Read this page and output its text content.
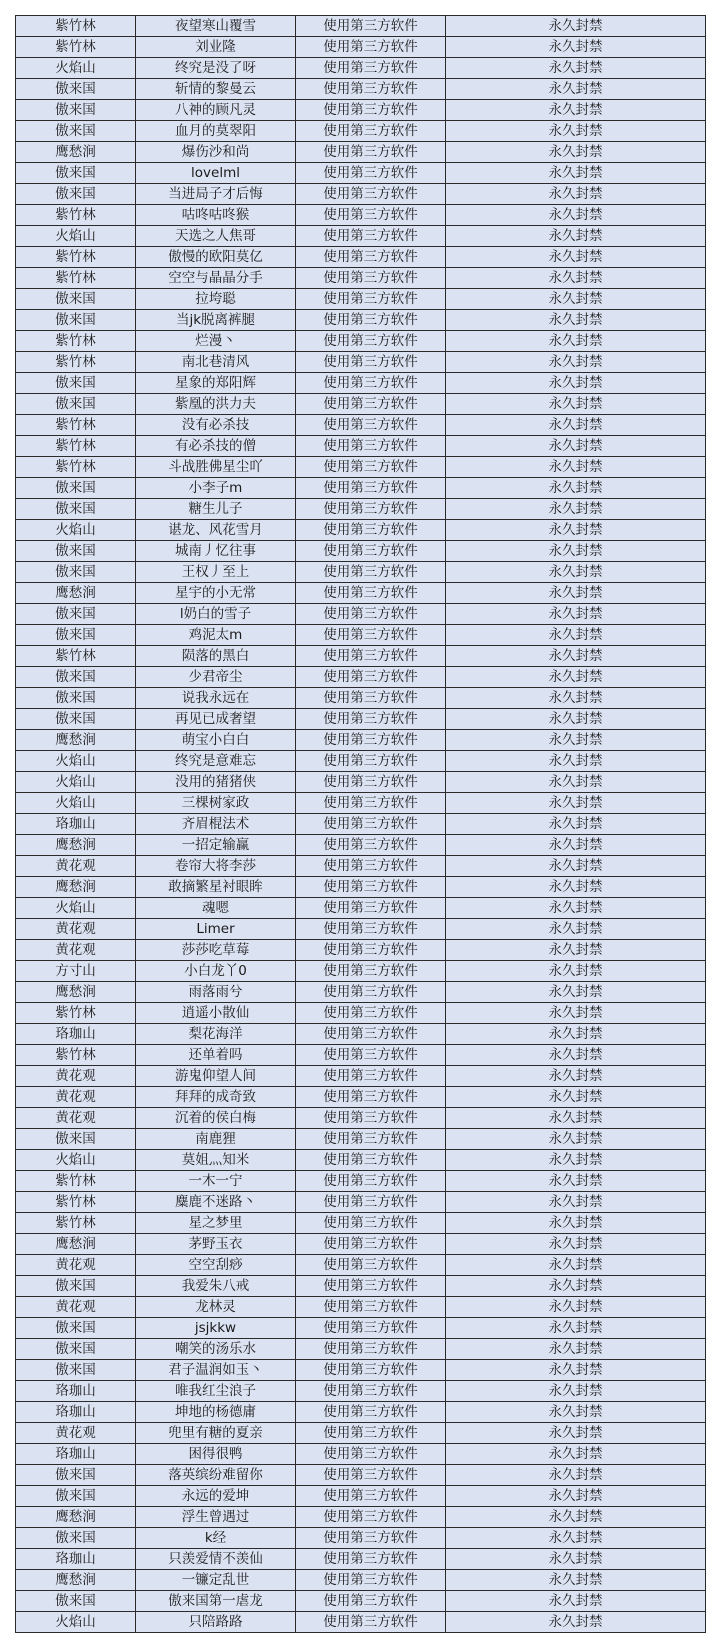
紫竹林	夜望寒山覆雪	使用第三方软件	永久封禁
紫竹林	刘业隆	使用第三方软件	永久封禁
火焰山	终究是没了呀	使用第三方软件	永久封禁
傲来国	斩情的黎曼云	使用第三方软件	永久封禁
傲来国	八神的顾凡灵	使用第三方软件	永久封禁
傲来国	血月的莫翠阳	使用第三方软件	永久封禁
鹰愁涧	爆伤沙和尚	使用第三方软件	永久封禁
傲来国	lovelml	使用第三方软件	永久封禁
傲来国	当进局子才后悔	使用第三方软件	永久封禁
紫竹林	咕咚咕咚猴	使用第三方软件	永久封禁
火焰山	天选之人焦哥	使用第三方软件	永久封禁
紫竹林	傲慢的欧阳莫亿	使用第三方软件	永久封禁
紫竹林	空空与晶晶分手	使用第三方软件	永久封禁
傲来国	拉垮聪	使用第三方软件	永久封禁
傲来国	当jk脱离裤腿	使用第三方软件	永久封禁
紫竹林	烂漫丶	使用第三方软件	永久封禁
紫竹林	南北巷清风	使用第三方软件	永久封禁
傲来国	星象的郑阳辉	使用第三方软件	永久封禁
傲来国	紫凰的洪力夫	使用第三方软件	永久封禁
紫竹林	没有必杀技	使用第三方软件	永久封禁
紫竹林	有必杀技的僧	使用第三方软件	永久封禁
紫竹林	斗战胜佛星尘吖	使用第三方软件	永久封禁
傲来国	小李子m	使用第三方软件	永久封禁
傲来国	糖生儿子	使用第三方软件	永久封禁
火焰山	谌龙、风花雪月	使用第三方软件	永久封禁
傲来国	城南丿忆往事	使用第三方软件	永久封禁
傲来国	王权丿至上	使用第三方软件	永久封禁
鹰愁涧	星宇的小无常	使用第三方软件	永久封禁
傲来国	l奶白的雪子	使用第三方软件	永久封禁
傲来国	鸡泥太m	使用第三方软件	永久封禁
紫竹林	陨落的黑白	使用第三方软件	永久封禁
傲来国	少君帝尘	使用第三方软件	永久封禁
傲来国	说我永远在	使用第三方软件	永久封禁
傲来国	再见已成奢望	使用第三方软件	永久封禁
鹰愁涧	萌宝小白白	使用第三方软件	永久封禁
火焰山	终究是意难忘	使用第三方软件	永久封禁
火焰山	没用的猪猪侠	使用第三方软件	永久封禁
火焰山	三棵树家政	使用第三方软件	永久封禁
珞珈山	齐眉棍法术	使用第三方软件	永久封禁
鹰愁涧	一招定输赢	使用第三方软件	永久封禁
黄花观	卷帘大将李莎	使用第三方软件	永久封禁
鹰愁涧	敢摘繁星衬眼眸	使用第三方软件	永久封禁
火焰山	魂嗯	使用第三方软件	永久封禁
黄花观	Limer	使用第三方软件	永久封禁
黄花观	莎莎吃草莓	使用第三方软件	永久封禁
方寸山	小白龙丫0	使用第三方软件	永久封禁
鹰愁涧	雨落雨兮	使用第三方软件	永久封禁
紫竹林	逍遥小散仙	使用第三方软件	永久封禁
珞珈山	梨花海洋	使用第三方软件	永久封禁
紫竹林	还单着吗	使用第三方软件	永久封禁
黄花观	游鬼仰望人间	使用第三方软件	永久封禁
黄花观	拜拜的成奇致	使用第三方软件	永久封禁
黄花观	沉着的侯白梅	使用第三方软件	永久封禁
傲来国	南鹿狸	使用第三方软件	永久封禁
火焰山	莫姐灬知米	使用第三方软件	永久封禁
紫竹林	一木一宁	使用第三方软件	永久封禁
紫竹林	麋鹿不迷路丶	使用第三方软件	永久封禁
紫竹林	星之梦里	使用第三方软件	永久封禁
鹰愁涧	茅野玉衣	使用第三方软件	永久封禁
黄花观	空空刮痧	使用第三方软件	永久封禁
傲来国	我爱朱八戒	使用第三方软件	永久封禁
黄花观	龙林灵	使用第三方软件	永久封禁
傲来国	jsjkkw	使用第三方软件	永久封禁
傲来国	嘲笑的汤乐水	使用第三方软件	永久封禁
傲来国	君子温润如玉丶	使用第三方软件	永久封禁
珞珈山	唯我红尘浪子	使用第三方软件	永久封禁
珞珈山	坤地的杨德庸	使用第三方软件	永久封禁
黄花观	兜里有糖的夏亲	使用第三方软件	永久封禁
珞珈山	困得很鸭	使用第三方软件	永久封禁
傲来国	落英缤纷难留你	使用第三方软件	永久封禁
傲来国	永远的爱坤	使用第三方软件	永久封禁
鹰愁涧	浮生曾遇过	使用第三方软件	永久封禁
傲来国	k经	使用第三方软件	永久封禁
珞珈山	只羡爱情不羡仙	使用第三方软件	永久封禁
鹰愁涧	一镰定乱世	使用第三方软件	永久封禁
傲来国	傲来国第一虐龙	使用第三方软件	永久封禁
火焰山	只陪路路	使用第三方软件	永久封禁
